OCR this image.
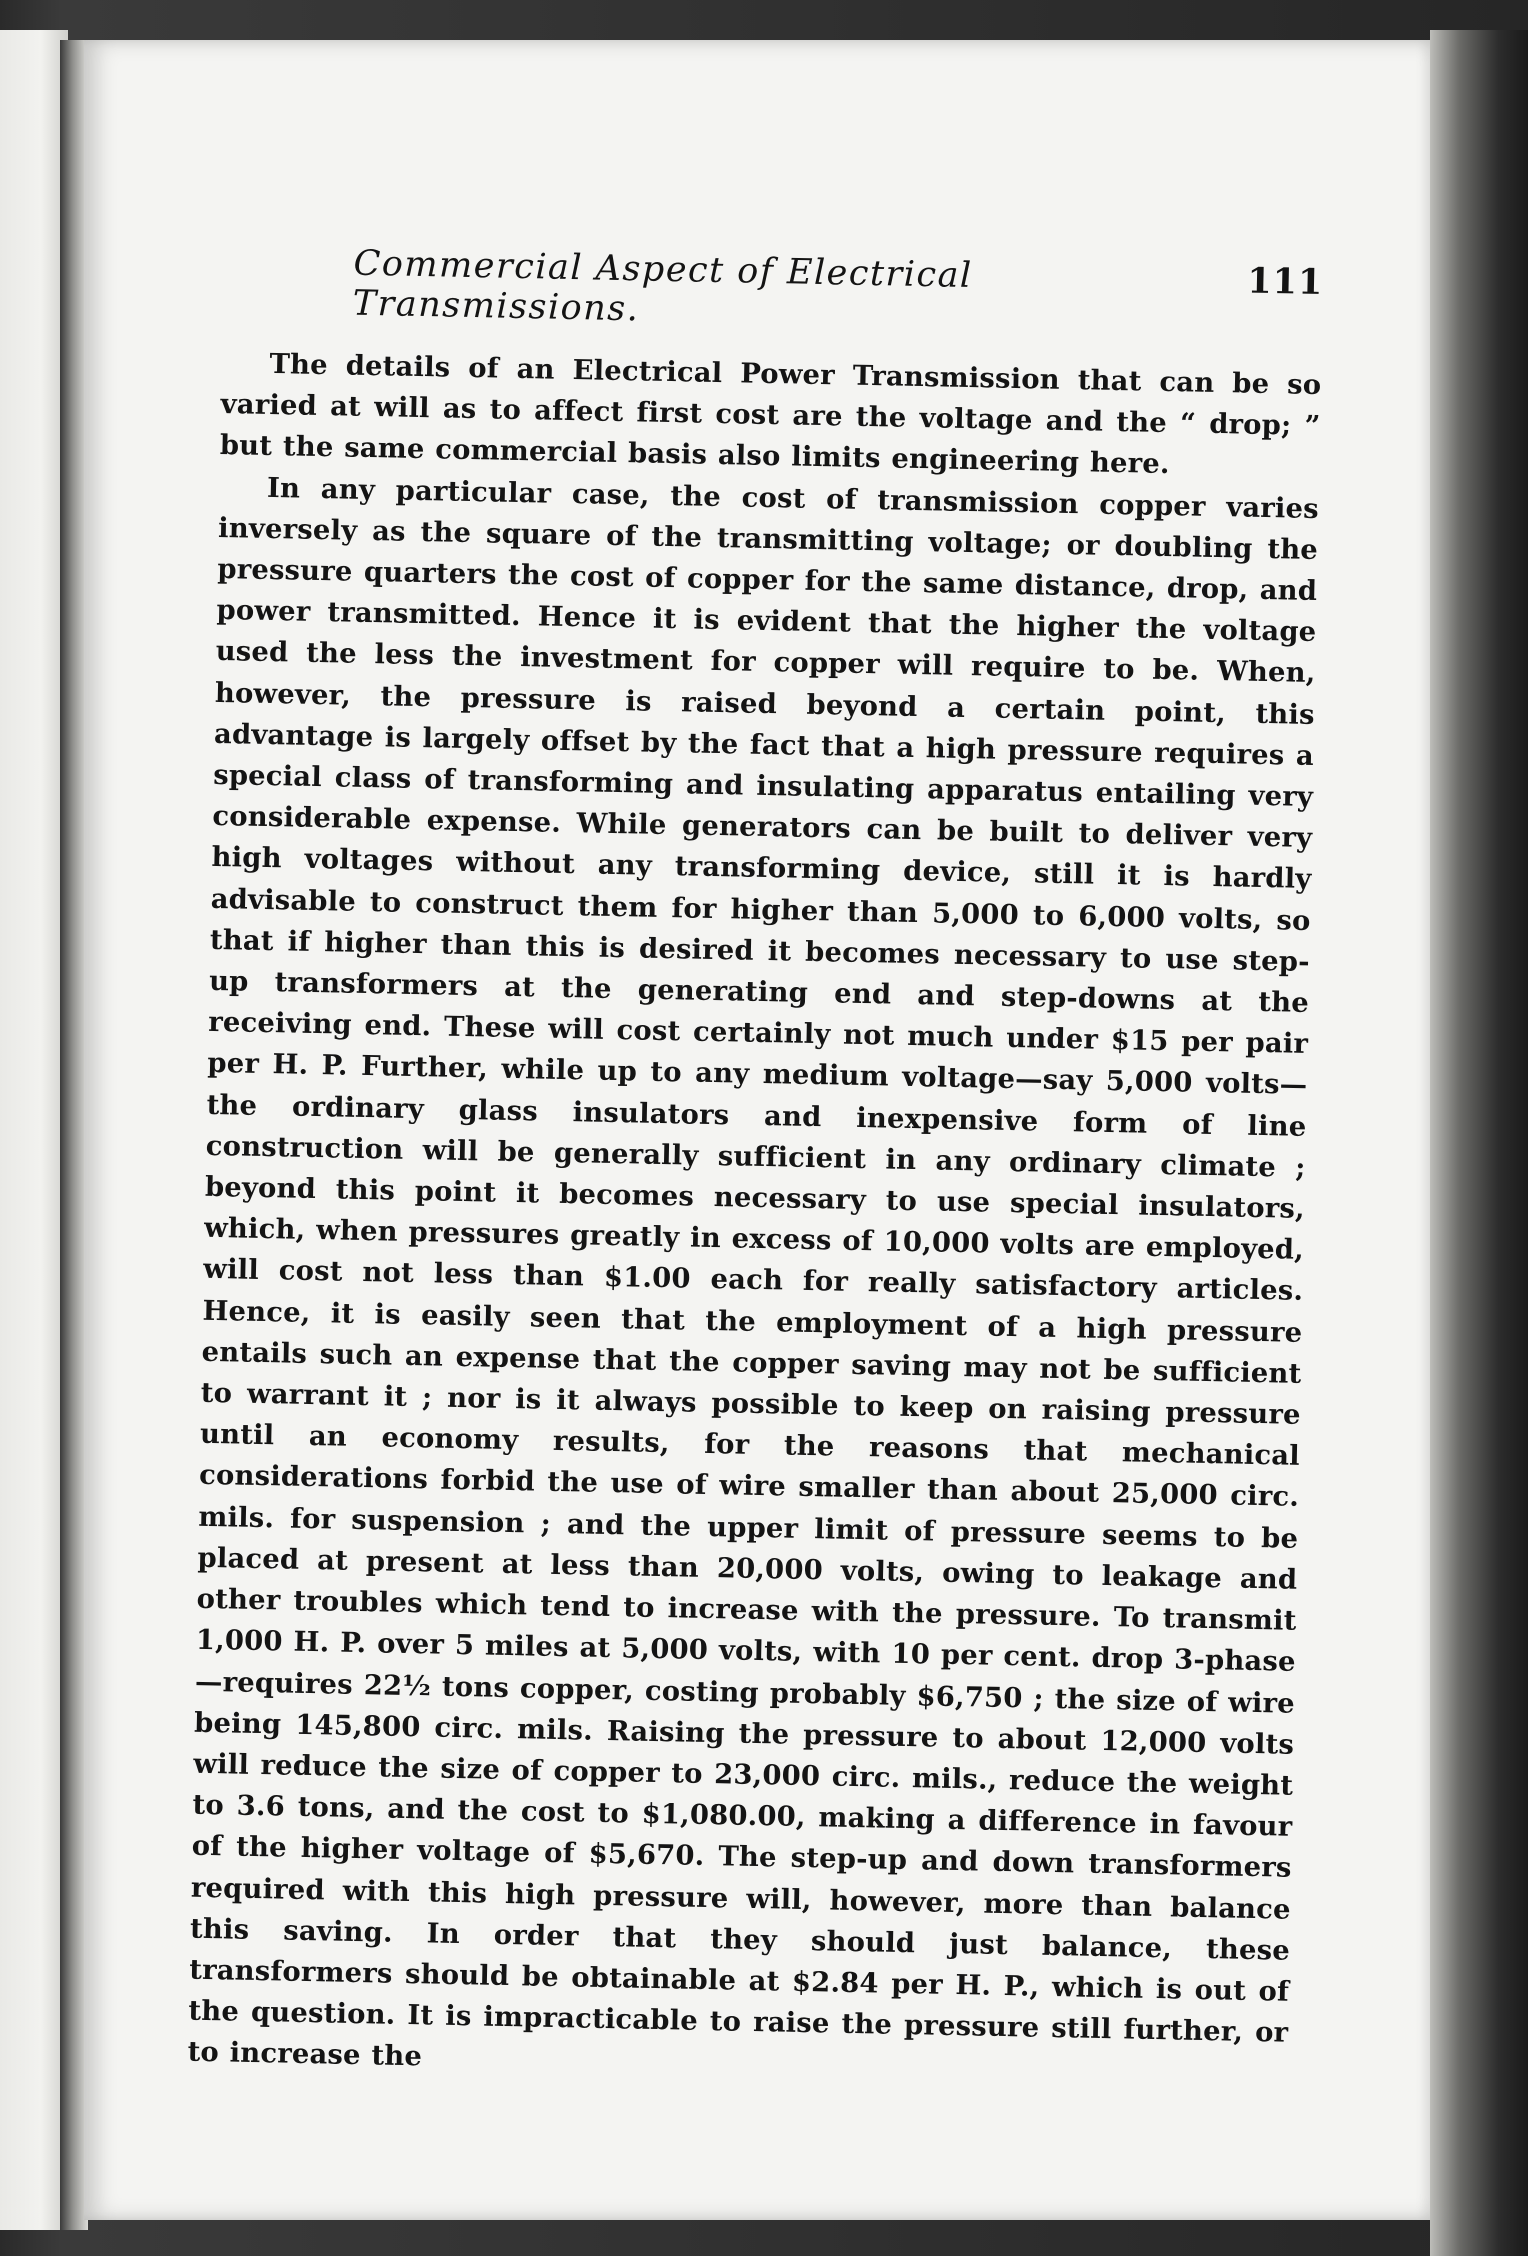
Commercial Aspect of Electrical Transmissions.
111

The details of an Electrical Power Transmission that can be so varied at will as to affect first cost are the voltage and the “ drop; ” but the same commercial basis also limits engineering here.

In any particular case, the cost of transmission copper varies inversely as the square of the transmitting voltage; or doubling the pressure quarters the cost of copper for the same distance, drop, and power transmitted. Hence it is evident that the higher the voltage used the less the investment for copper will require to be. When, however, the pressure is raised beyond a certain point, this advantage is largely offset by the fact that a high pressure requires a special class of transforming and insulating apparatus entailing very considerable expense. While generators can be built to deliver very high voltages without any transforming device, still it is hardly advisable to construct them for higher than 5,000 to 6,000 volts, so that if higher than this is desired it becomes necessary to use step-up transformers at the generating end and step-downs at the receiving end. These will cost certainly not much under $15 per pair per H. P. Further, while up to any medium voltage—say 5,000 volts—the ordinary glass insulators and inexpensive form of line construction will be generally sufficient in any ordinary climate ; beyond this point it becomes necessary to use special insulators, which, when pressures greatly in excess of 10,000 volts are employed, will cost not less than $1.00 each for really satisfactory articles. Hence, it is easily seen that the employment of a high pressure entails such an expense that the copper saving may not be sufficient to warrant it ; nor is it always possible to keep on raising pressure until an economy results, for the reasons that mechanical considerations forbid the use of wire smaller than about 25,000 circ. mils. for suspension ; and the upper limit of pressure seems to be placed at present at less than 20,000 volts, owing to leakage and other troubles which tend to increase with the pressure. To transmit 1,000 H. P. over 5 miles at 5,000 volts, with 10 per cent. drop 3-phase—requires 22½ tons copper, costing probably $6,750 ; the size of wire being 145,800 circ. mils. Raising the pressure to about 12,000 volts will reduce the size of copper to 23,000 circ. mils., reduce the weight to 3.6 tons, and the cost to $1,080.00, making a difference in favour of the higher voltage of $5,670. The step-up and down transformers required with this high pressure will, however, more than balance this saving. In order that they should just balance, these transformers should be obtainable at $2.84 per H. P., which is out of the question. It is impracticable to raise the pressure still further, or to increase the
